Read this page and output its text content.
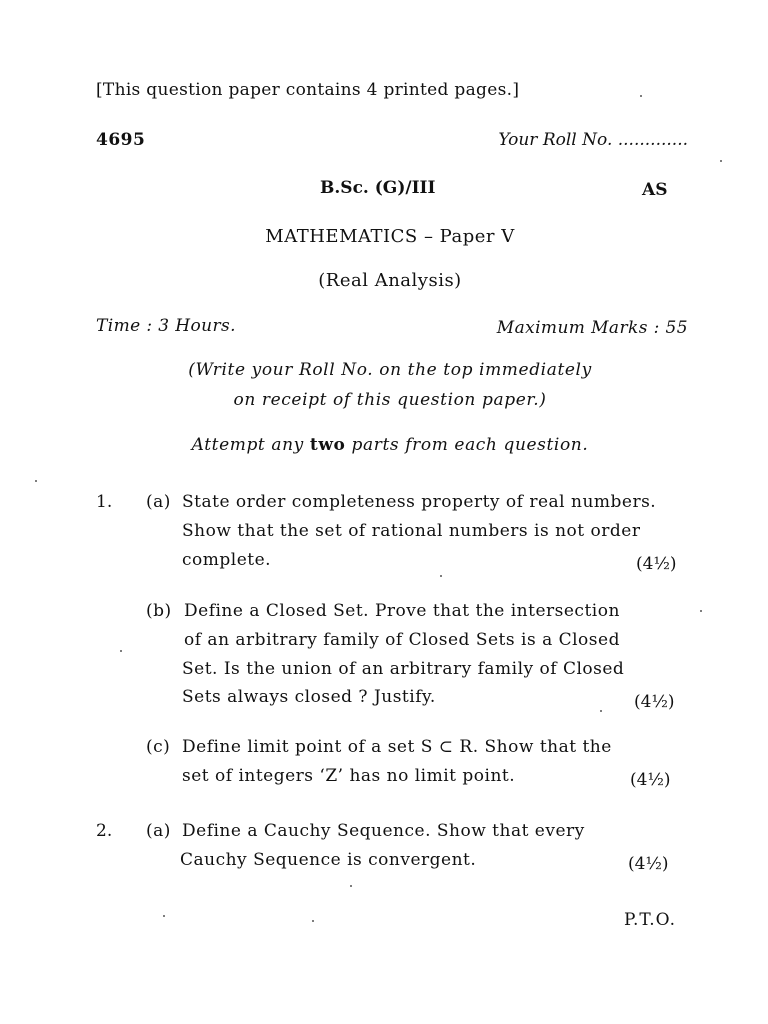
[This question paper contains 4 printed pages.]
4695	Your Roll No. .............
B.Sc. (G)/III	AS
MATHEMATICS – Paper V
(Real Analysis)
Time : 3 Hours.	Maximum Marks : 55
(Write your Roll No. on the top immediately
on receipt of this question paper.)
Attempt any two parts from each question.
1. (a) State order completeness property of real numbers.
Show that the set of rational numbers is not order
complete.	(4½)
(b) Define a Closed Set. Prove that the intersection
of an arbitrary family of Closed Sets is a Closed
Set. Is the union of an arbitrary family of Closed
Sets always closed ? Justify.	(4½)
(c) Define limit point of a set S ⊂ R. Show that the
set of integers ‘Z’ has no limit point.	(4½)
2. (a) Define a Cauchy Sequence. Show that every
Cauchy Sequence is convergent.	(4½)
P.T.O.
